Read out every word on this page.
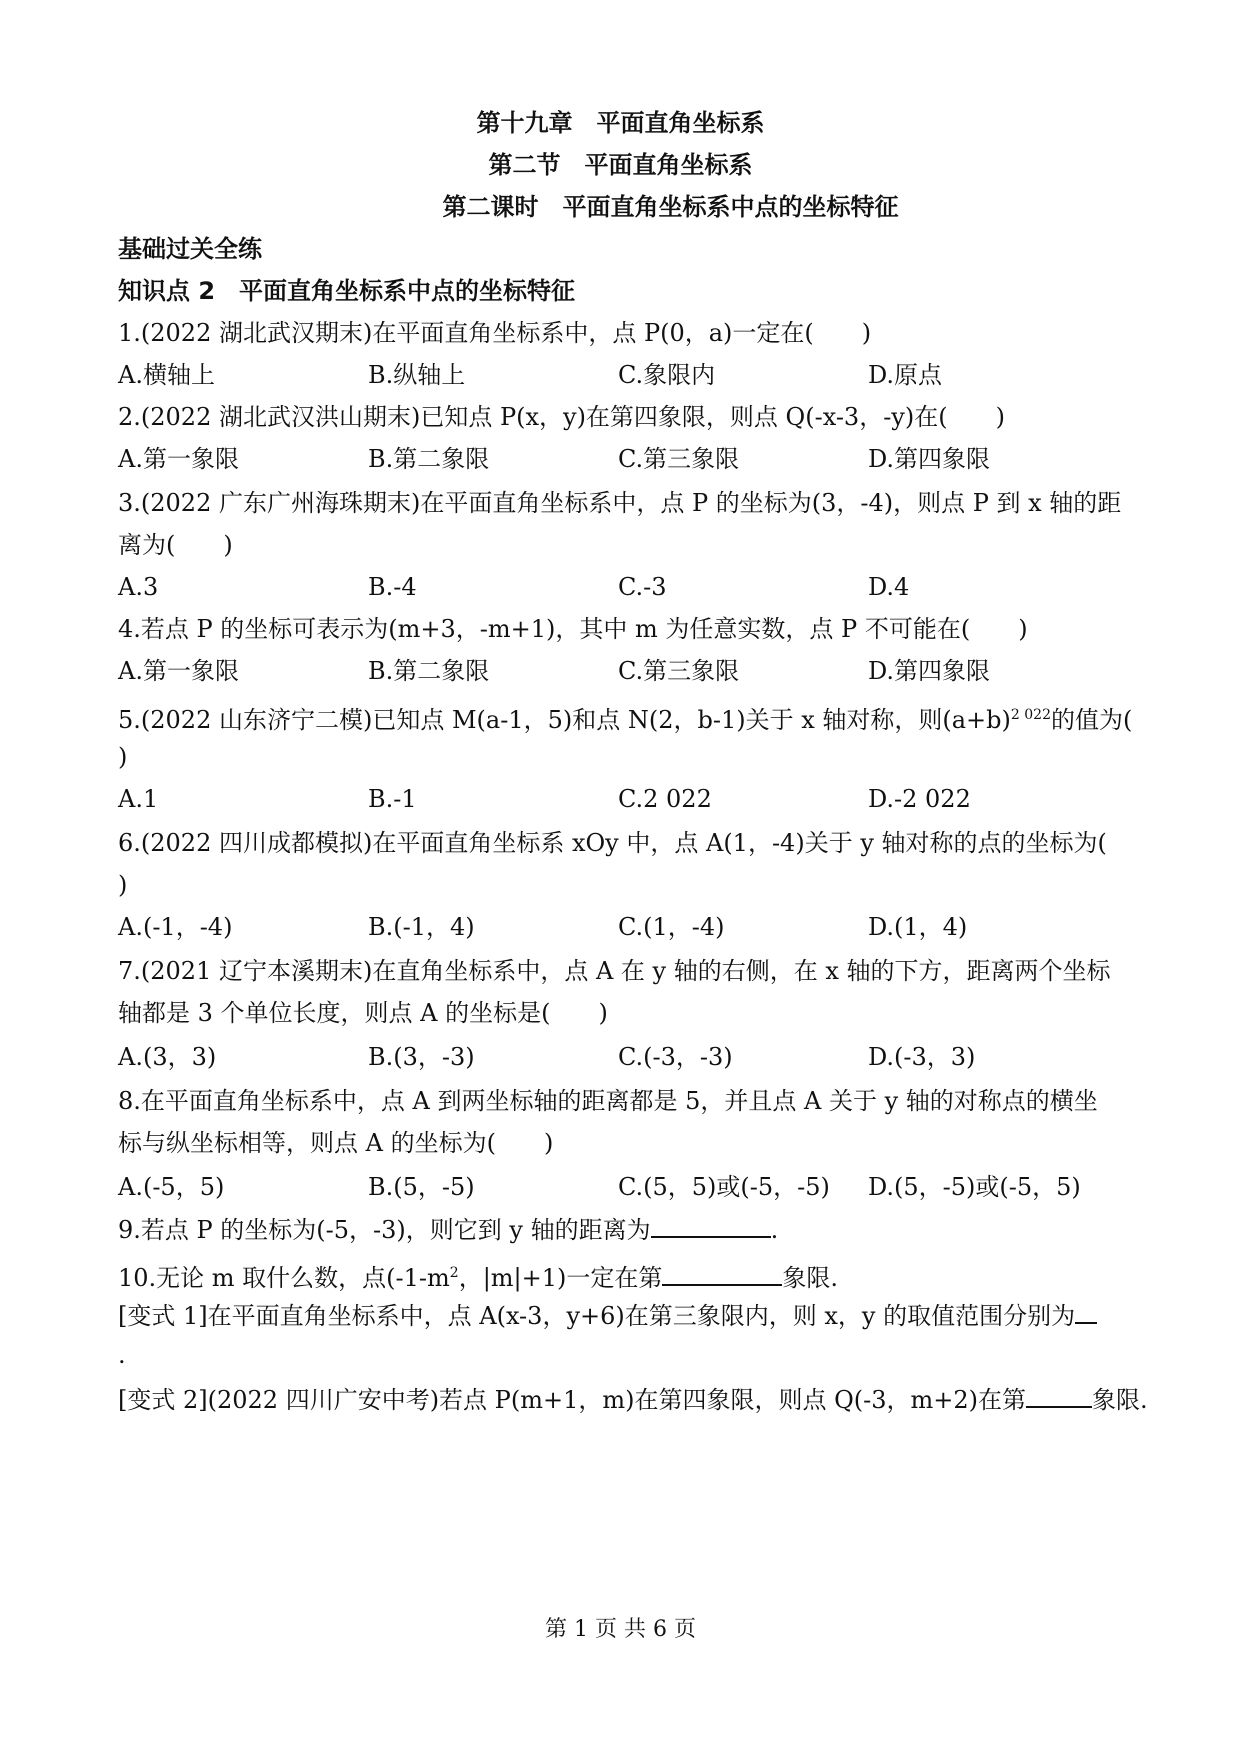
第十九章　平面直角坐标系
第二节　平面直角坐标系
第二课时　平面直角坐标系中点的坐标特征
基础过关全练
知识点 2　平面直角坐标系中点的坐标特征
1.(2022 湖北武汉期末)在平面直角坐标系中，点 P(0，a)一定在(　　)
A.横轴上	B.纵轴上	C.象限内	D.原点
2.(2022 湖北武汉洪山期末)已知点 P(x，y)在第四象限，则点 Q(-x-3，-y)在(　　)
A.第一象限	B.第二象限	C.第三象限	D.第四象限
3.(2022 广东广州海珠期末)在平面直角坐标系中，点 P 的坐标为(3，-4)，则点 P 到 x 轴的距
离为(　　)
A.3	B.-4	C.-3	D.4
4.若点 P 的坐标可表示为(m+3，-m+1)，其中 m 为任意实数，点 P 不可能在(　　)
A.第一象限	B.第二象限	C.第三象限	D.第四象限
5.(2022 山东济宁二模)已知点 M(a-1，5)和点 N(2，b-1)关于 x 轴对称，则$(a+b)^{2 022}$的值为(
)
A.1	B.-1	C.2 022	D.-2 022
6.(2022 四川成都模拟)在平面直角坐标系 xOy 中，点 A(1，-4)关于 y 轴对称的点的坐标为(
)
A.(-1，-4)	B.(-1，4)	C.(1，-4)	D.(1，4)
7.(2021 辽宁本溪期末)在直角坐标系中，点 A 在 y 轴的右侧，在 x 轴的下方，距离两个坐标
轴都是 3 个单位长度，则点 A 的坐标是(　　)
A.(3，3)	B.(3，-3)	C.(-3，-3)	D.(-3，3)
8.在平面直角坐标系中，点 A 到两坐标轴的距离都是 5，并且点 A 关于 y 轴的对称点的横坐
标与纵坐标相等，则点 A 的坐标为(　　)
A.(-5，5)	B.(5，-5)	C.(5，5)或(-5，-5) D.(5，-5)或(-5，5)
9.若点 P 的坐标为(-5，-3)，则它到 y 轴的距离为	.
10.无论 m 取什么数，点($-1-m^2$，|m|+1)一定在第	象限.
[变式 1]在平面直角坐标系中，点 A(x-3，y+6)在第三象限内，则 x，y 的取值范围分别为
.
[变式 2](2022 四川广安中考)若点 P(m+1，m)在第四象限，则点 Q(-3，m+2)在第	象限.
第 1 页 共 6 页
